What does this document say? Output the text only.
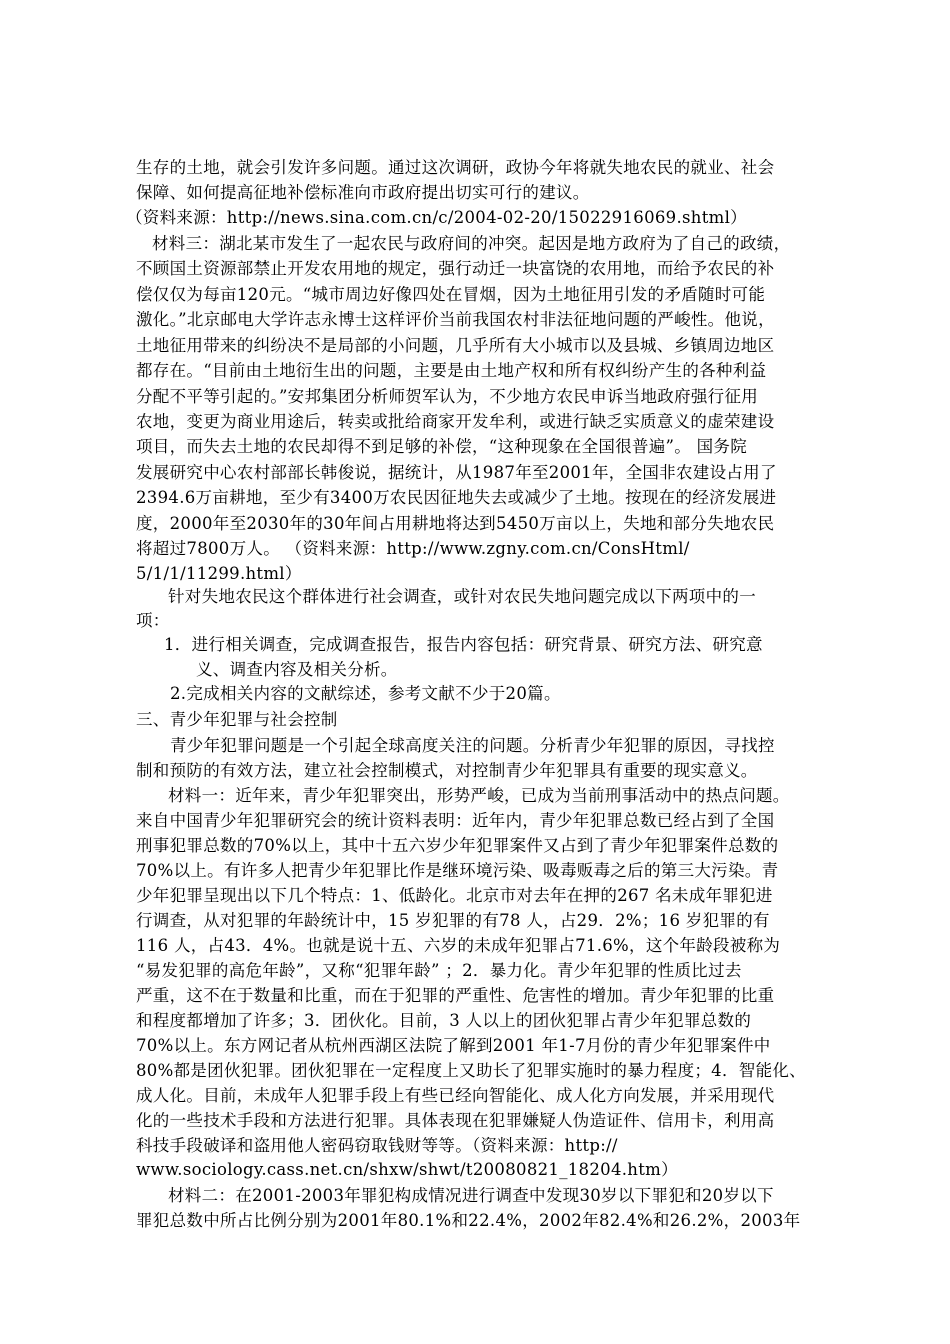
生存的土地，就会引发许多问题。通过这次调研，政协今年将就失地农民的就业、社会
保障、如何提高征地补偿标准向市政府提出切实可行的建议。
（资料来源：http://news.sina.com.cn/c/2004-02-20/15022916069.shtml）
材料三：湖北某市发生了一起农民与政府间的冲突。起因是地方政府为了自己的政绩，
不顾国土资源部禁止开发农用地的规定，强行动迁一块富饶的农用地，而给予农民的补
偿仅仅为每亩120元。“城市周边好像四处在冒烟，因为土地征用引发的矛盾随时可能
激化。”北京邮电大学许志永博士这样评价当前我国农村非法征地问题的严峻性。他说，
土地征用带来的纠纷决不是局部的小问题，几乎所有大小城市以及县城、乡镇周边地区
都存在。“目前由土地衍生出的问题，主要是由土地产权和所有权纠纷产生的各种利益
分配不平等引起的。”安邦集团分析师贺军认为，不少地方农民申诉当地政府强行征用
农地，变更为商业用途后，转卖或批给商家开发牟利，或进行缺乏实质意义的虚荣建设
项目，而失去土地的农民却得不到足够的补偿，“这种现象在全国很普遍”。 国务院
发展研究中心农村部部长韩俊说，据统计，从1987年至2001年，全国非农建设占用了
2394.6万亩耕地，至少有3400万农民因征地失去或减少了土地。按现在的经济发展进
度，2000年至2030年的30年间占用耕地将达到5450万亩以上，失地和部分失地农民
将超过7800万人。 （资料来源：http://www.zgny.com.cn/ConsHtml/
5/1/1/11299.html）
针对失地农民这个群体进行社会调查，或针对农民失地问题完成以下两项中的一
项：
1．进行相关调查，完成调查报告，报告内容包括：研究背景、研究方法、研究意
义、调查内容及相关分析。
2.完成相关内容的文献综述，参考文献不少于20篇。
三、青少年犯罪与社会控制
青少年犯罪问题是一个引起全球高度关注的问题。分析青少年犯罪的原因，寻找控
制和预防的有效方法，建立社会控制模式，对控制青少年犯罪具有重要的现实意义。
材料一：近年来，青少年犯罪突出，形势严峻，已成为当前刑事活动中的热点问题。
来自中国青少年犯罪研究会的统计资料表明：近年内，青少年犯罪总数已经占到了全国
刑事犯罪总数的70%以上，其中十五六岁少年犯罪案件又占到了青少年犯罪案件总数的
70%以上。有许多人把青少年犯罪比作是继环境污染、吸毒贩毒之后的第三大污染。青
少年犯罪呈现出以下几个特点：1、低龄化。北京市对去年在押的267 名未成年罪犯进
行调查，从对犯罪的年龄统计中，15 岁犯罪的有78 人，占29．2%；16 岁犯罪的有
116 人，占43．4%。也就是说十五、六岁的未成年犯罪占71.6%，这个年龄段被称为
“易发犯罪的高危年龄”，又称“犯罪年龄” ；2．暴力化。青少年犯罪的性质比过去
严重，这不在于数量和比重，而在于犯罪的严重性、危害性的增加。青少年犯罪的比重
和程度都增加了许多；3．团伙化。目前，3 人以上的团伙犯罪占青少年犯罪总数的
70%以上。东方网记者从杭州西湖区法院了解到2001 年1-7月份的青少年犯罪案件中
80%都是团伙犯罪。团伙犯罪在一定程度上又助长了犯罪实施时的暴力程度；4．智能化、
成人化。目前，未成年人犯罪手段上有些已经向智能化、成人化方向发展，并采用现代
化的一些技术手段和方法进行犯罪。具体表现在犯罪嫌疑人伪造证件、信用卡，利用高
科技手段破译和盗用他人密码窃取钱财等等。（资料来源：http://
www.sociology.cass.net.cn/shxw/shwt/t20080821_18204.htm）
材料二：在2001-2003年罪犯构成情况进行调查中发现30岁以下罪犯和20岁以下
罪犯总数中所占比例分别为2001年80.1%和22.4%，2002年82.4%和26.2%，2003年
